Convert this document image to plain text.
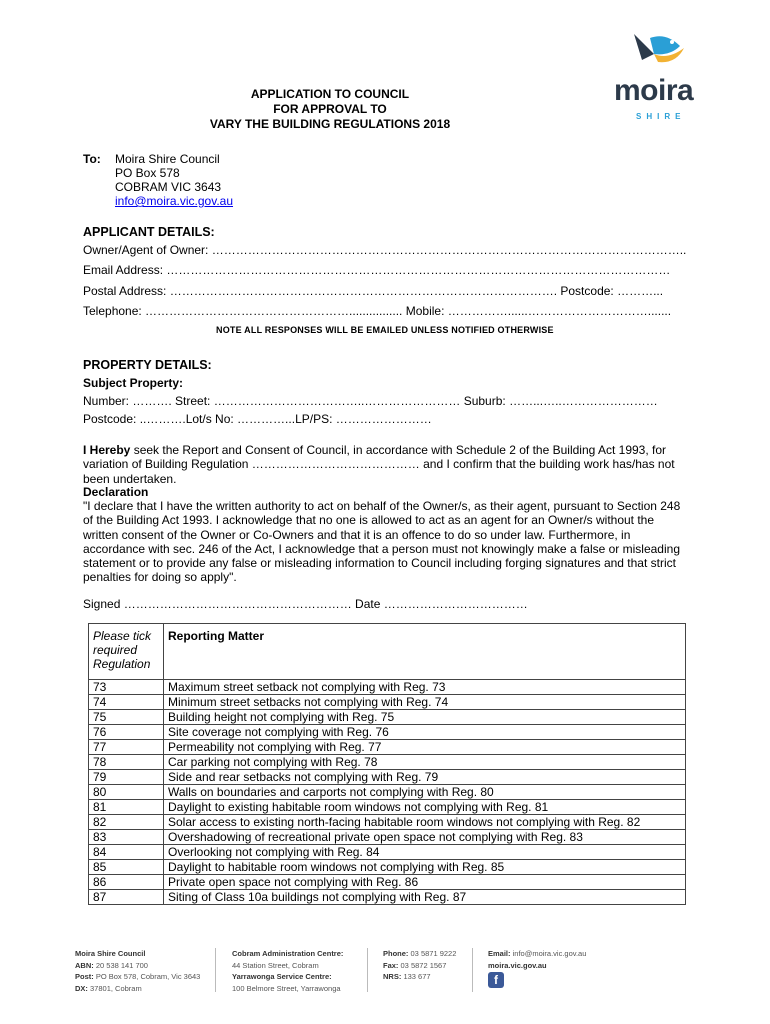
APPLICATION TO COUNCIL
FOR APPROVAL TO
VARY THE BUILDING REGULATIONS 2018
moira
SHIRE
To: Moira Shire Council
PO Box 578
COBRAM VIC 3643
info@moira.vic.gov.au
APPLICANT DETAILS:
Owner/Agent of Owner: ………………………………………………………………………………………………………..
Email Address: ………………………………………………………………………………………………………………
Postal Address: ……………………………………………………………………………………. Postcode: ………...
Telephone: ……………………………………………................ Mobile: ……………......………………………….......
NOTE ALL RESPONSES WILL BE EMAILED UNLESS NOTIFIED OTHERWISE
PROPERTY DETAILS:
Subject Property:
Number: ………. Street: ………………………………..…………………… Suburb: ……...…..……………………
Postcode: ..……….Lot/s No: …………...LP/PS: ……………………
I Hereby seek the Report and Consent of Council, in accordance with Schedule 2 of the Building Act 1993, for variation of Building Regulation …………………………………… and I confirm that the building work has/has not been undertaken.
Declaration
"I declare that I have the written authority to act on behalf of the Owner/s, as their agent, pursuant to Section 248 of the Building Act 1993. I acknowledge that no one is allowed to act as an agent for an Owner/s without the written consent of the Owner or Co-Owners and that it is an offence to do so under law. Furthermore, in accordance with sec. 246 of the Act, I acknowledge that a person must not knowingly make a false or misleading statement or to provide any false or misleading information to Council including forging signatures and that strict penalties for doing so apply".
Signed ………………………………………………… Date ………………………………
Please tick required Regulation	Reporting Matter
73	Maximum street setback not complying with Reg. 73
74	Minimum street setbacks not complying with Reg. 74
75	Building height not complying with Reg. 75
76	Site coverage not complying with Reg. 76
77	Permeability not complying with Reg. 77
78	Car parking not complying with Reg. 78
79	Side and rear setbacks not complying with Reg. 79
80	Walls on boundaries and carports not complying with Reg. 80
81	Daylight to existing habitable room windows not complying with Reg. 81
82	Solar access to existing north-facing habitable room windows not complying with Reg. 82
83	Overshadowing of recreational private open space not complying with Reg. 83
84	Overlooking not complying with Reg. 84
85	Daylight to habitable room windows not complying with Reg. 85
86	Private open space not complying with Reg. 86
87	Siting of Class 10a buildings not complying with Reg. 87
Moira Shire Council
ABN: 20 538 141 700
Post: PO Box 578, Cobram, Vic 3643
DX: 37801, Cobram
Cobram Administration Centre:
44 Station Street, Cobram
Yarrawonga Service Centre:
100 Belmore Street, Yarrawonga
Phone: 03 5871 9222
Fax: 03 5872 1567
NRS: 133 677
Email: info@moira.vic.gov.au
moira.vic.gov.au
f
